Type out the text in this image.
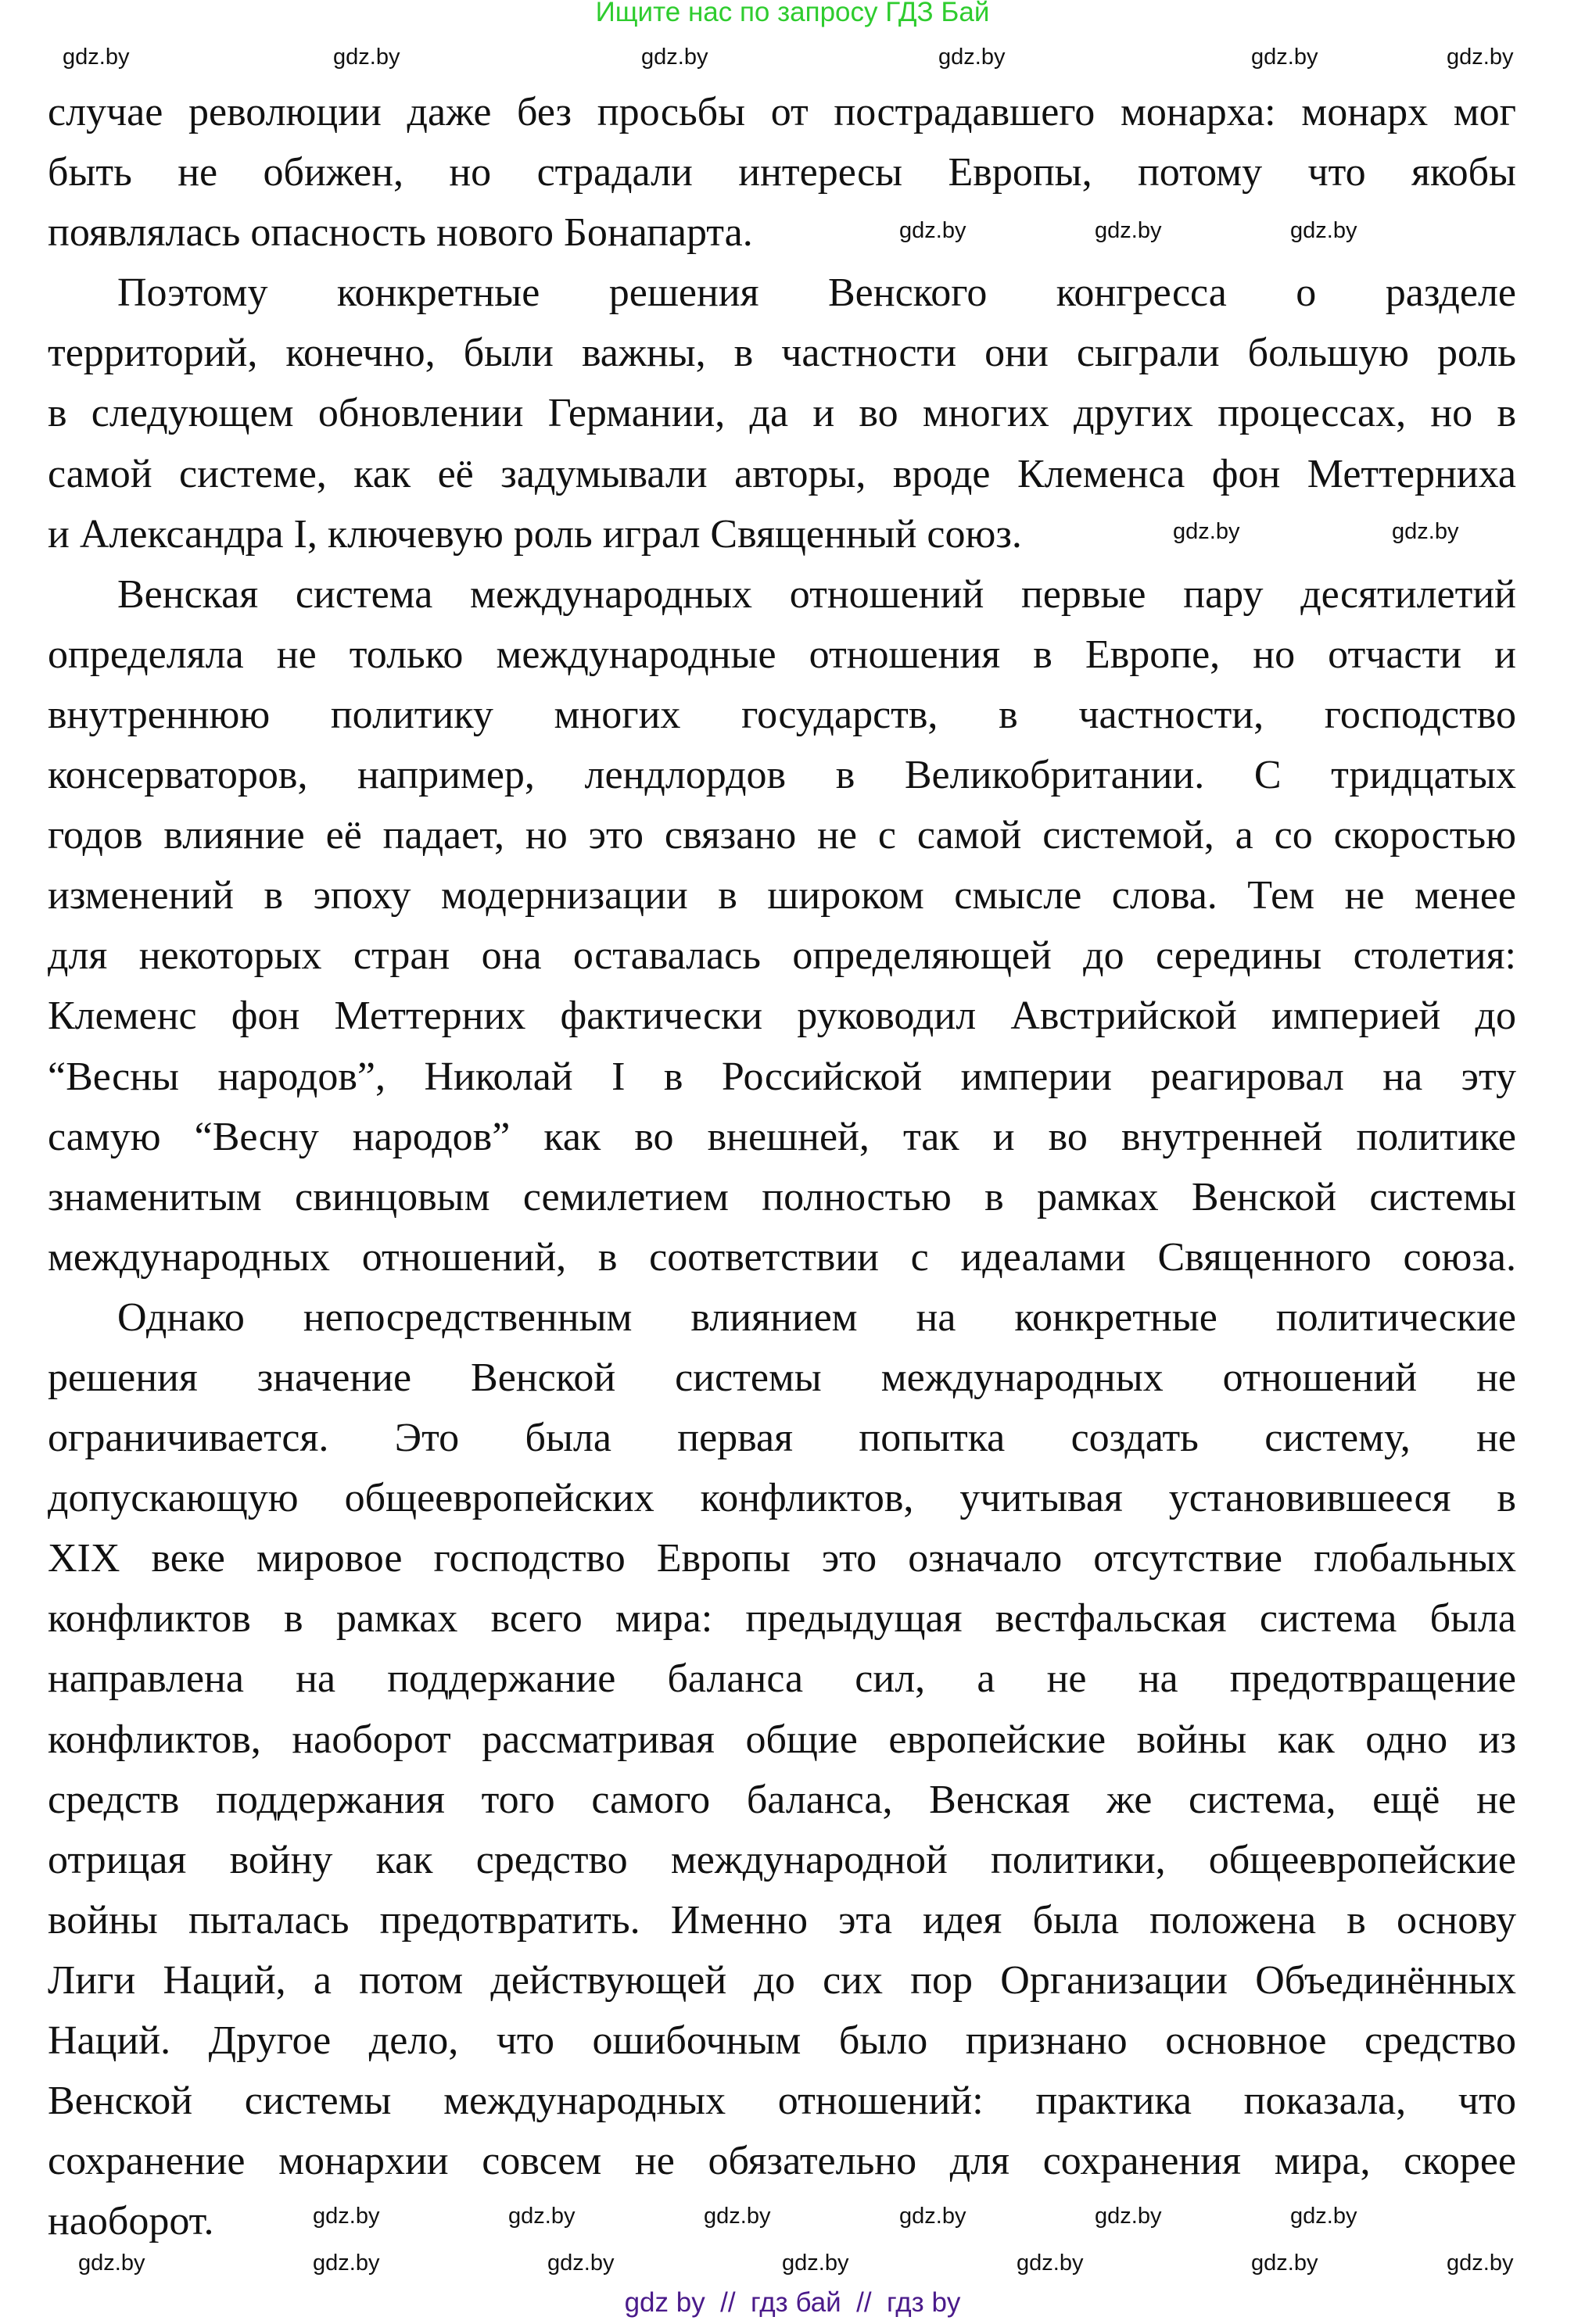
Ищите нас по запросу ГДЗ Бай
случае революции даже без просьбы от пострадавшего монарха: монарх мог
быть не обижен, но страдали интересы Европы, потому что якобы
появлялась опасность нового Бонапарта.
Поэтому конкретные решения Венского конгресса о разделе
территорий, конечно, были важны, в частности они сыграли большую роль
в следующем обновлении Германии, да и во многих других процессах, но в
самой системе, как её задумывали авторы, вроде Клеменса фон Меттерниха
и Александра I, ключевую роль играл Священный союз.
Венская система международных отношений первые пару десятилетий
определяла не только международные отношения в Европе, но отчасти и
внутреннюю политику многих государств, в частности, господство
консерваторов, например, лендлордов в Великобритании. С тридцатых
годов влияние её падает, но это связано не с самой системой, а со скоростью
изменений в эпоху модернизации в широком смысле слова. Тем не менее
для некоторых стран она оставалась определяющей до середины столетия:
Клеменс фон Меттерних фактически руководил Австрийской империей до
“Весны народов”, Николай I в Российской империи реагировал на эту
самую “Весну народов” как во внешней, так и во внутренней политике
знаменитым свинцовым семилетием полностью в рамках Венской системы
международных отношений, в соответствии с идеалами Священного союза.
Однако непосредственным влиянием на конкретные политические
решения значение Венской системы международных отношений не
ограничивается. Это была первая попытка создать систему, не
допускающую общеевропейских конфликтов, учитывая установившееся в
XIX веке мировое господство Европы это означало отсутствие глобальных
конфликтов в рамках всего мира: предыдущая вестфальская система была
направлена на поддержание баланса сил, а не на предотвращение
конфликтов, наоборот рассматривая общие европейские войны как одно из
средств поддержания того самого баланса, Венская же система, ещё не
отрицая войну как средство международной политики, общеевропейские
войны пыталась предотвратить. Именно эта идея была положена в основу
Лиги Наций, а потом действующей до сих пор Организации Объединённых
Наций. Другое дело, что ошибочным было признано основное средство
Венской системы международных отношений: практика показала, что
сохранение монархии совсем не обязательно для сохранения мира, скорее
наоборот.
gdz.by	gdz.by	gdz.by	gdz.by	gdz.by	gdz.by
gdz.by	gdz.by	gdz.by
gdz.by	gdz.by
gdz.by	gdz.by	gdz.by	gdz.by	gdz.by	gdz.by
gdz.by	gdz.by	gdz.by	gdz.by	gdz.by	gdz.by	gdz.by
gdz by  //  гдз бай  //  гдз by
